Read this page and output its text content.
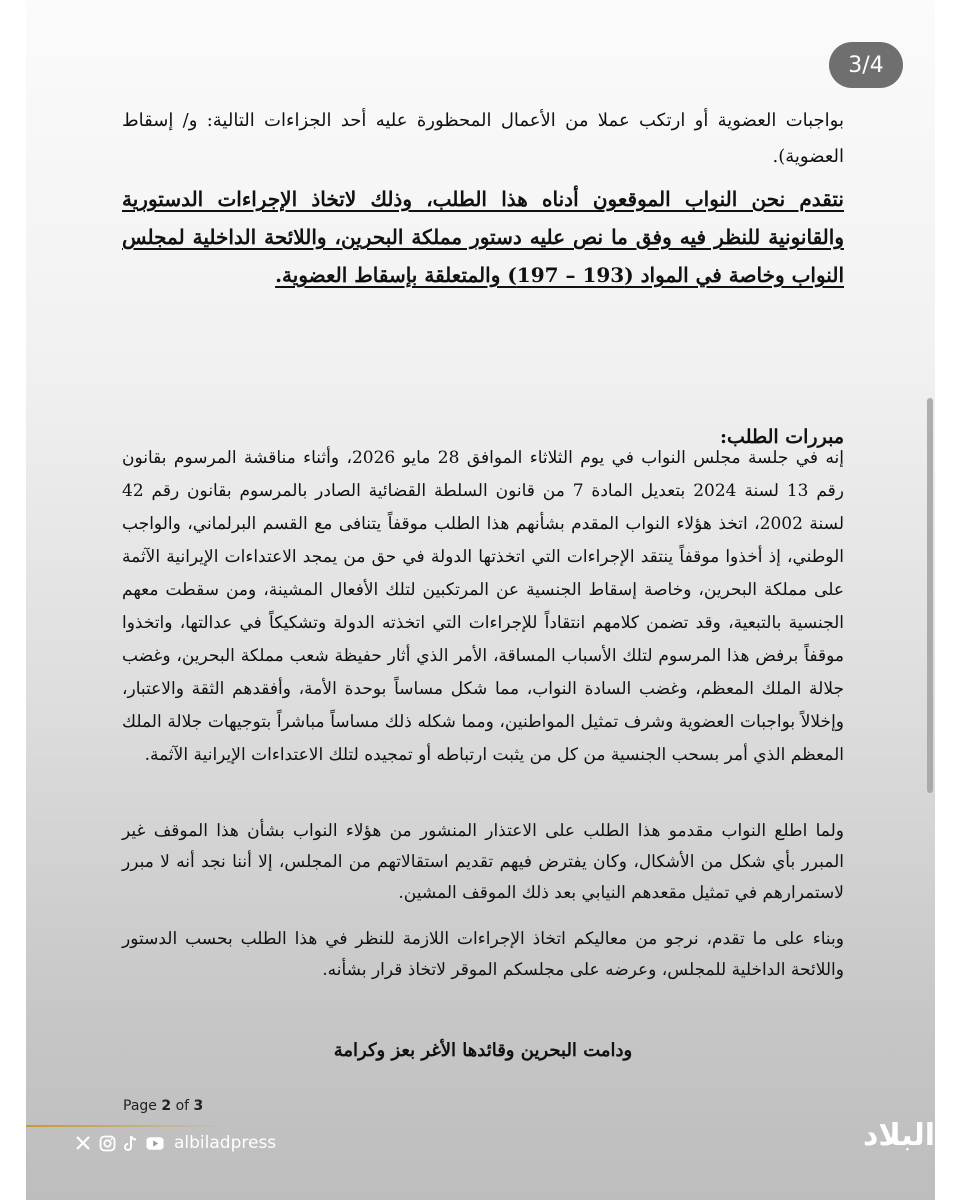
3/4
بواجبات العضوية أو ارتكب عملا من الأعمال المحظورة عليه أحد الجزاءات التالية: و/ إسقاط العضوية).
نتقدم نحن النواب الموقعون أدناه هذا الطلب، وذلك لاتخاذ الإجراءات الدستورية والقانونية للنظر فيه وفق ما نص عليه دستور مملكة البحرين، واللائحة الداخلية لمجلس النواب وخاصة في المواد (193 – 197) والمتعلقة بإسقاط العضوية.
مبررات الطلب:
إنه في جلسة مجلس النواب في يوم الثلاثاء الموافق 28 مايو 2026، وأثناء مناقشة المرسوم بقانون رقم 13 لسنة 2024 بتعديل المادة 7 من قانون السلطة القضائية الصادر بالمرسوم بقانون رقم 42 لسنة 2002، اتخذ هؤلاء النواب المقدم بشأنهم هذا الطلب موقفاً يتنافى مع القسم البرلماني، والواجب الوطني، إذ أخذوا موقفاً ينتقد الإجراءات التي اتخذتها الدولة في حق من يمجد الاعتداءات الإيرانية الآثمة على مملكة البحرين، وخاصة إسقاط الجنسية عن المرتكبين لتلك الأفعال المشينة، ومن سقطت معهم الجنسية بالتبعية، وقد تضمن كلامهم انتقاداً للإجراءات التي اتخذته الدولة وتشكيكاً في عدالتها، واتخذوا موقفاً برفض هذا المرسوم لتلك الأسباب المساقة، الأمر الذي أثار حفيظة شعب مملكة البحرين، وغضب جلالة الملك المعظم، وغضب السادة النواب، مما شكل مساساً بوحدة الأمة، وأفقدهم الثقة والاعتبار، وإخلالاً بواجبات العضوية وشرف تمثيل المواطنين، ومما شكله ذلك مساساً مباشراً بتوجيهات جلالة الملك المعظم الذي أمر بسحب الجنسية من كل من يثبت ارتباطه أو تمجيده لتلك الاعتداءات الإيرانية الآثمة.
ولما اطلع النواب مقدمو هذا الطلب على الاعتذار المنشور من هؤلاء النواب بشأن هذا الموقف غير المبرر بأي شكل من الأشكال، وكان يفترض فيهم تقديم استقالاتهم من المجلس، إلا أننا نجد أنه لا مبرر لاستمرارهم في تمثيل مقعدهم النيابي بعد ذلك الموقف المشين.
وبناء على ما تقدم، نرجو من معاليكم اتخاذ الإجراءات اللازمة للنظر في هذا الطلب بحسب الدستور واللائحة الداخلية للمجلس، وعرضه على مجلسكم الموقر لاتخاذ قرار بشأنه.
ودامت البحرين وقائدها الأغر بعز وكرامة
Page 2 of 3
albiladpress	البلاد
